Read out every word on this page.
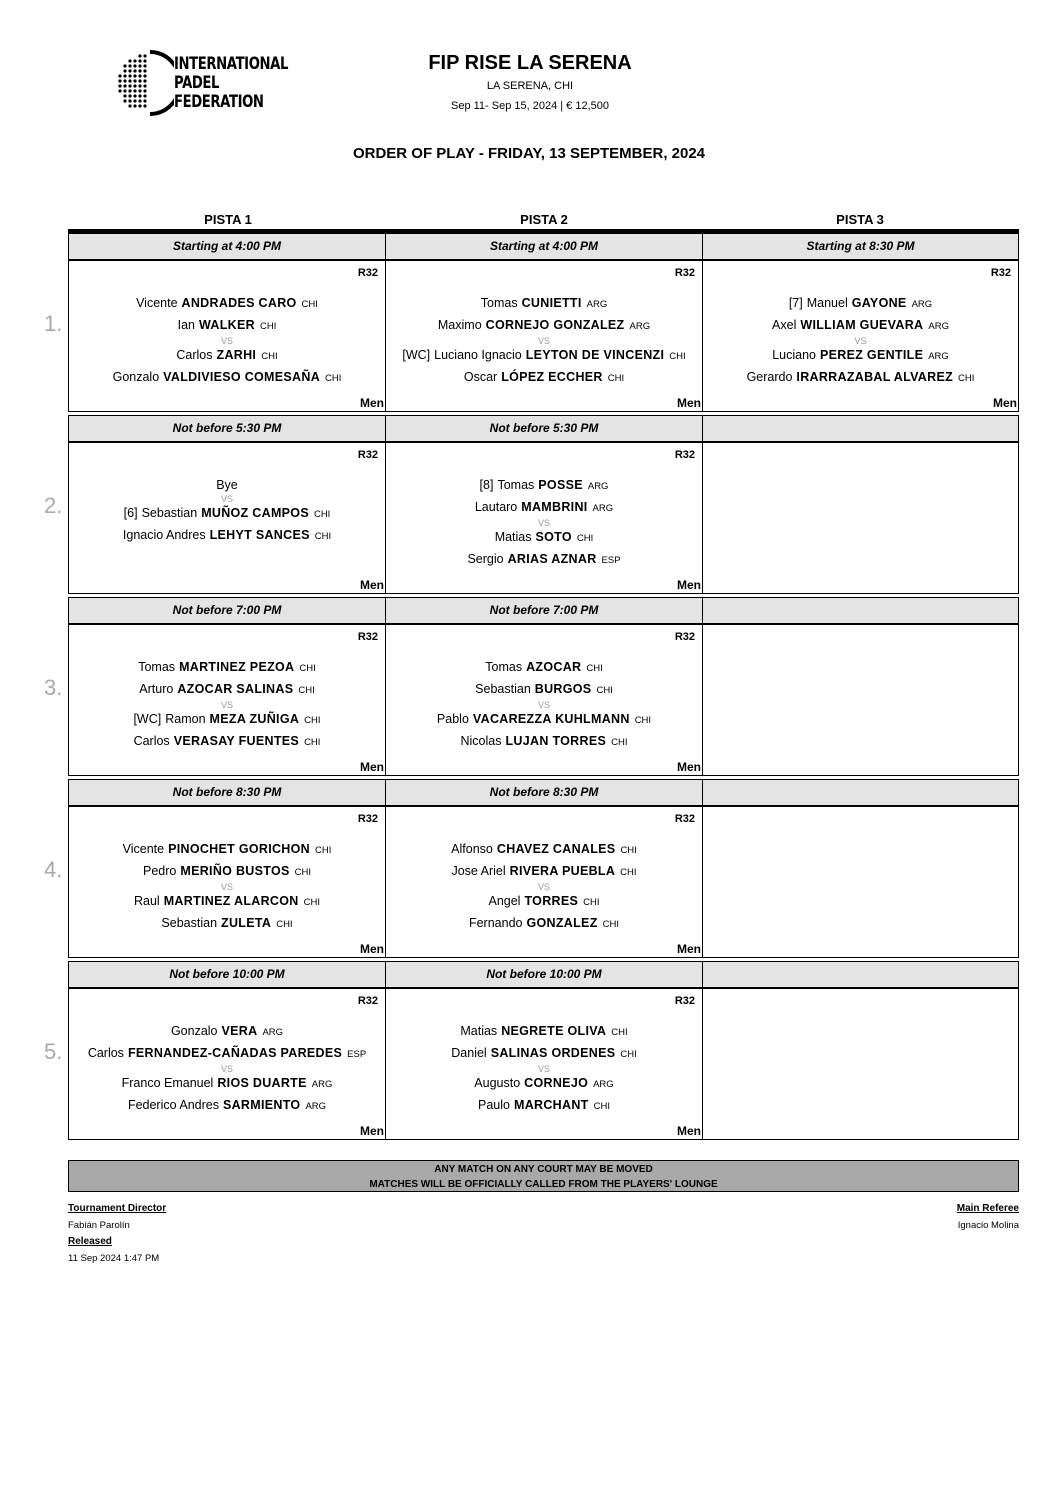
INTERNATIONAL
PADEL
FEDERATION
FIP RISE LA SERENA
LA SERENA, CHI
Sep 11- Sep 15, 2024 | € 12,500
ORDER OF PLAY - FRIDAY, 13 SEPTEMBER, 2024
PISTA 1	PISTA 2	PISTA 3
Starting at 4:00 PM
R32
Vicente ANDRADES CARO CHI
Ian WALKER CHI
VS
Carlos ZARHI CHI
Gonzalo VALDIVIESO COMESAÑA CHI
Men
Starting at 4:00 PM
R32
Tomas CUNIETTI ARG
Maximo CORNEJO GONZALEZ ARG
VS
[WC] Luciano Ignacio LEYTON DE VINCENZI CHI
Oscar LÓPEZ ECCHER CHI
Men
Starting at 8:30 PM
R32
[7] Manuel GAYONE ARG
Axel WILLIAM GUEVARA ARG
VS
Luciano PEREZ GENTILE ARG
Gerardo IRARRAZABAL ALVAREZ CHI
Men
1.
Not before 5:30 PM
R32
Bye
VS
[6] Sebastian MUÑOZ CAMPOS CHI
Ignacio Andres LEHYT SANCES CHI
Men
Not before 5:30 PM
R32
[8] Tomas POSSE ARG
Lautaro MAMBRINI ARG
VS
Matias SOTO CHI
Sergio ARIAS AZNAR ESP
Men
2.
Not before 7:00 PM
R32
Tomas MARTINEZ PEZOA CHI
Arturo AZOCAR SALINAS CHI
VS
[WC] Ramon MEZA ZUÑIGA CHI
Carlos VERASAY FUENTES CHI
Men
Not before 7:00 PM
R32
Tomas AZOCAR CHI
Sebastian BURGOS CHI
VS
Pablo VACAREZZA KUHLMANN CHI
Nicolas LUJAN TORRES CHI
Men
3.
Not before 8:30 PM
R32
Vicente PINOCHET GORICHON CHI
Pedro MERIÑO BUSTOS CHI
VS
Raul MARTINEZ ALARCON CHI
Sebastian ZULETA CHI
Men
Not before 8:30 PM
R32
Alfonso CHAVEZ CANALES CHI
Jose Ariel RIVERA PUEBLA CHI
VS
Angel TORRES CHI
Fernando GONZALEZ CHI
Men
4.
Not before 10:00 PM
R32
Gonzalo VERA ARG
Carlos FERNANDEZ-CAÑADAS PAREDES ESP
VS
Franco Emanuel RIOS DUARTE ARG
Federico Andres SARMIENTO ARG
Men
Not before 10:00 PM
R32
Matias NEGRETE OLIVA CHI
Daniel SALINAS ORDENES CHI
VS
Augusto CORNEJO ARG
Paulo MARCHANT CHI
Men
5.
ANY MATCH ON ANY COURT MAY BE MOVED
MATCHES WILL BE OFFICIALLY CALLED FROM THE PLAYERS' LOUNGE
Tournament Director
Fabián Parolín
Released
11 Sep 2024 1:47 PM
Main Referee
Ignacio Molina
